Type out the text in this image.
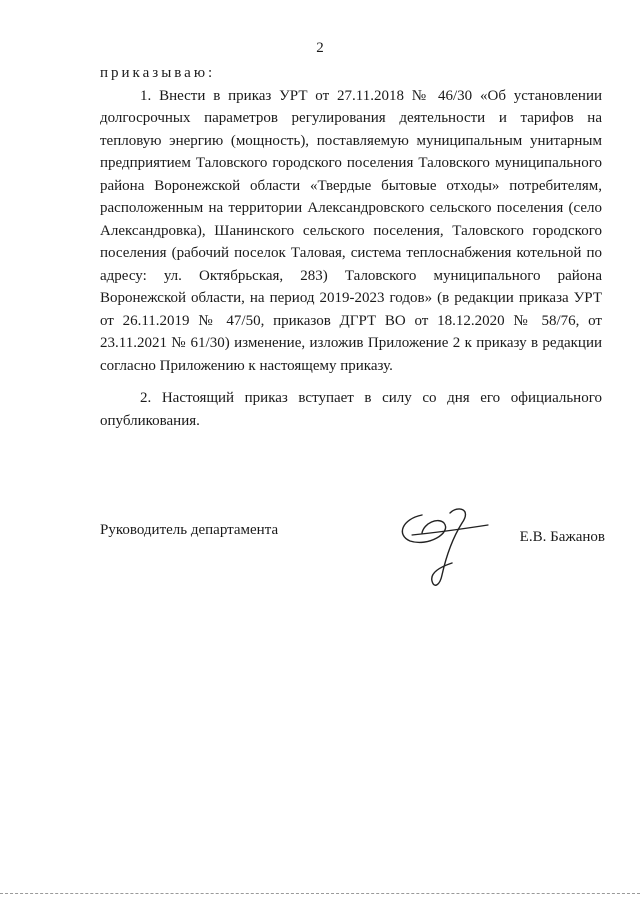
2

приказываю:

1. Внести в приказ УРТ от 27.11.2018 № 46/30 «Об установлении долгосрочных параметров регулирования деятельности и тарифов на тепловую энергию (мощность), поставляемую муниципальным унитарным предприятием Таловского городского поселения Таловского муниципального района Воронежской области «Твердые бытовые отходы» потребителям, расположенным на территории Александровского сельского поселения (село Александровка), Шанинского сельского поселения, Таловского городского поселения (рабочий поселок Таловая, система теплоснабжения котельной по адресу: ул. Октябрьская, 283) Таловского муниципального района Воронежской области, на период 2019-2023 годов» (в редакции приказа УРТ от 26.11.2019 № 47/50, приказов ДГРТ ВО от 18.12.2020 № 58/76, от 23.11.2021 № 61/30) изменение, изложив Приложение 2 к приказу в редакции согласно Приложению к настоящему приказу.

2. Настоящий приказ вступает в силу со дня его официального опубликования.

Руководитель департамента	Е.В. Бажанов
